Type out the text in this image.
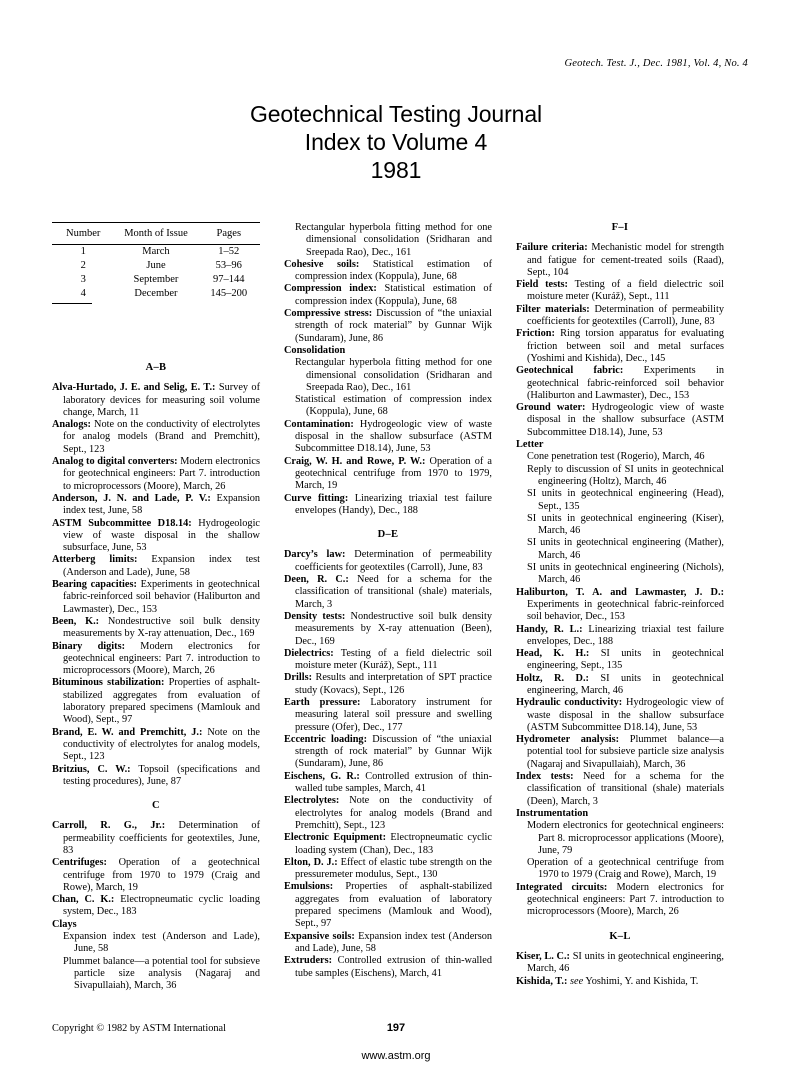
Geotech. Test. J., Dec. 1981, Vol. 4, No. 4
Geotechnical Testing Journal
Index to Volume 4
1981
Number	Month of Issue	Pages
1	March	1–52
2	June	53–96
3	September	97–144
4	December	145–200
A–B
Alva-Hurtado, J. E. and Selig, E. T.: Survey of laboratory devices for measuring soil volume change, March, 11
Analogs: Note on the conductivity of electrolytes for analog models (Brand and Premchitt), Sept., 123
Analog to digital converters: Modern electronics for geotechnical engineers: Part 7. introduction to microprocessors (Moore), March, 26
Anderson, J. N. and Lade, P. V.: Expansion index test, June, 58
ASTM Subcommittee D18.14: Hydrogeologic view of waste disposal in the shallow subsurface, June, 53
Atterberg limits: Expansion index test (Anderson and Lade), June, 58
Bearing capacities: Experiments in geotechnical fabric-reinforced soil behavior (Haliburton and Lawmaster), Dec., 153
Been, K.: Nondestructive soil bulk density measurements by X-ray attenuation, Dec., 169
Binary digits: Modern electronics for geotechnical engineers: Part 7. introduction to microprocessors (Moore), March, 26
Bituminous stabilization: Properties of asphalt-stabilized aggregates from evaluation of laboratory prepared specimens (Mamlouk and Wood), Sept., 97
Brand, E. W. and Premchitt, J.: Note on the conductivity of electrolytes for analog models, Sept., 123
Britzius, C. W.: Topsoil (specifications and testing procedures), June, 87
C
Carroll, R. G., Jr.: Determination of permeability coefficients for geotextiles, June, 83
Centrifuges: Operation of a geotechnical centrifuge from 1970 to 1979 (Craig and Rowe), March, 19
Chan, C. K.: Electropneumatic cyclic loading system, Dec., 183
Clays
Expansion index test (Anderson and Lade), June, 58
Plummet balance—a potential tool for subsieve particle size analysis (Nagaraj and Sivapullaiah), March, 36
Rectangular hyperbola fitting method for one dimensional consolidation (Sridharan and Sreepada Rao), Dec., 161
Cohesive soils: Statistical estimation of compression index (Koppula), June, 68
Compression index: Statistical estimation of compression index (Koppula), June, 68
Compressive stress: Discussion of “the uniaxial strength of rock material” by Gunnar Wijk (Sundaram), June, 86
Consolidation
Rectangular hyperbola fitting method for one dimensional consolidation (Sridharan and Sreepada Rao), Dec., 161
Statistical estimation of compression index (Koppula), June, 68
Contamination: Hydrogeologic view of waste disposal in the shallow subsurface (ASTM Subcommittee D18.14), June, 53
Craig, W. H. and Rowe, P. W.: Operation of a geotechnical centrifuge from 1970 to 1979, March, 19
Curve fitting: Linearizing triaxial test failure envelopes (Handy), Dec., 188
D–E
Darcy’s law: Determination of permeability coefficients for geotextiles (Carroll), June, 83
Deen, R. C.: Need for a schema for the classification of transitional (shale) materials, March, 3
Density tests: Nondestructive soil bulk density measurements by X-ray attenuation (Been), Dec., 169
Dielectrics: Testing of a field dielectric soil moisture meter (Kuráž), Sept., 111
Drills: Results and interpretation of SPT practice study (Kovacs), Sept., 126
Earth pressure: Laboratory instrument for measuring lateral soil pressure and swelling pressure (Ofer), Dec., 177
Eccentric loading: Discussion of “the uniaxial strength of rock material” by Gunnar Wijk (Sundaram), June, 86
Eischens, G. R.: Controlled extrusion of thin-walled tube samples, March, 41
Electrolytes: Note on the conductivity of electrolytes for analog models (Brand and Premchitt), Sept., 123
Electronic Equipment: Electropneumatic cyclic loading system (Chan), Dec., 183
Elton, D. J.: Effect of elastic tube strength on the pressuremeter modulus, Sept., 130
Emulsions: Properties of asphalt-stabilized aggregates from evaluation of laboratory prepared specimens (Mamlouk and Wood), Sept., 97
Expansive soils: Expansion index test (Anderson and Lade), June, 58
Extruders: Controlled extrusion of thin-walled tube samples (Eischens), March, 41
F–I
Failure criteria: Mechanistic model for strength and fatigue for cement-treated soils (Raad), Sept., 104
Field tests: Testing of a field dielectric soil moisture meter (Kuráž), Sept., 111
Filter materials: Determination of permeability coefficients for geotextiles (Carroll), June, 83
Friction: Ring torsion apparatus for evaluating friction between soil and metal surfaces (Yoshimi and Kishida), Dec., 145
Geotechnical fabric: Experiments in geotechnical fabric-reinforced soil behavior (Haliburton and Lawmaster), Dec., 153
Ground water: Hydrogeologic view of waste disposal in the shallow subsurface (ASTM Subcommittee D18.14), June, 53
Letter
Cone penetration test (Rogerio), March, 46
Reply to discussion of SI units in geotechnical engineering (Holtz), March, 46
SI units in geotechnical engineering (Head), Sept., 135
SI units in geotechnical engineering (Kiser), March, 46
SI units in geotechnical engineering (Mather), March, 46
SI units in geotechnical engineering (Nichols), March, 46
Haliburton, T. A. and Lawmaster, J. D.: Experiments in geotechnical fabric-reinforced soil behavior, Dec., 153
Handy, R. L.: Linearizing triaxial test failure envelopes, Dec., 188
Head, K. H.: SI units in geotechnical engineering, Sept., 135
Holtz, R. D.: SI units in geotechnical engineering, March, 46
Hydraulic conductivity: Hydrogeologic view of waste disposal in the shallow subsurface (ASTM Subcommittee D18.14), June, 53
Hydrometer analysis: Plummet balance—a potential tool for subsieve particle size analysis (Nagaraj and Sivapullaiah), March, 36
Index tests: Need for a schema for the classification of transitional (shale) materials (Deen), March, 3
Instrumentation
Modern electronics for geotechnical engineers: Part 8. microprocessor applications (Moore), June, 79
Operation of a geotechnical centrifuge from 1970 to 1979 (Craig and Rowe), March, 19
Integrated circuits: Modern electronics for geotechnical engineers: Part 7. introduction to microprocessors (Moore), March, 26
K–L
Kiser, L. C.: SI units in geotechnical engineering, March, 46
Kishida, T.: see Yoshimi, Y. and Kishida, T.
Copyright © 1982 by ASTM International	197
www.astm.org
